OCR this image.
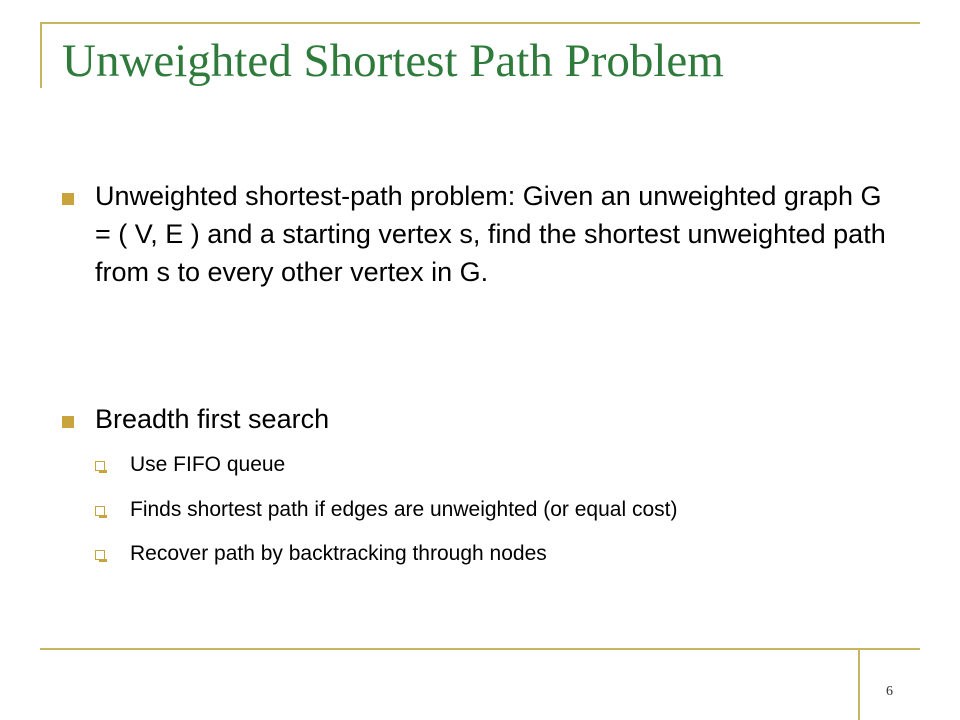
Unweighted Shortest Path Problem
Unweighted shortest-path problem: Given an unweighted graph G = ( V, E ) and a starting vertex s, find the shortest unweighted path from s to every other vertex in G.
Breadth first search
Use FIFO queue
Finds shortest path if edges are unweighted (or equal cost)
Recover path by backtracking through nodes
6
